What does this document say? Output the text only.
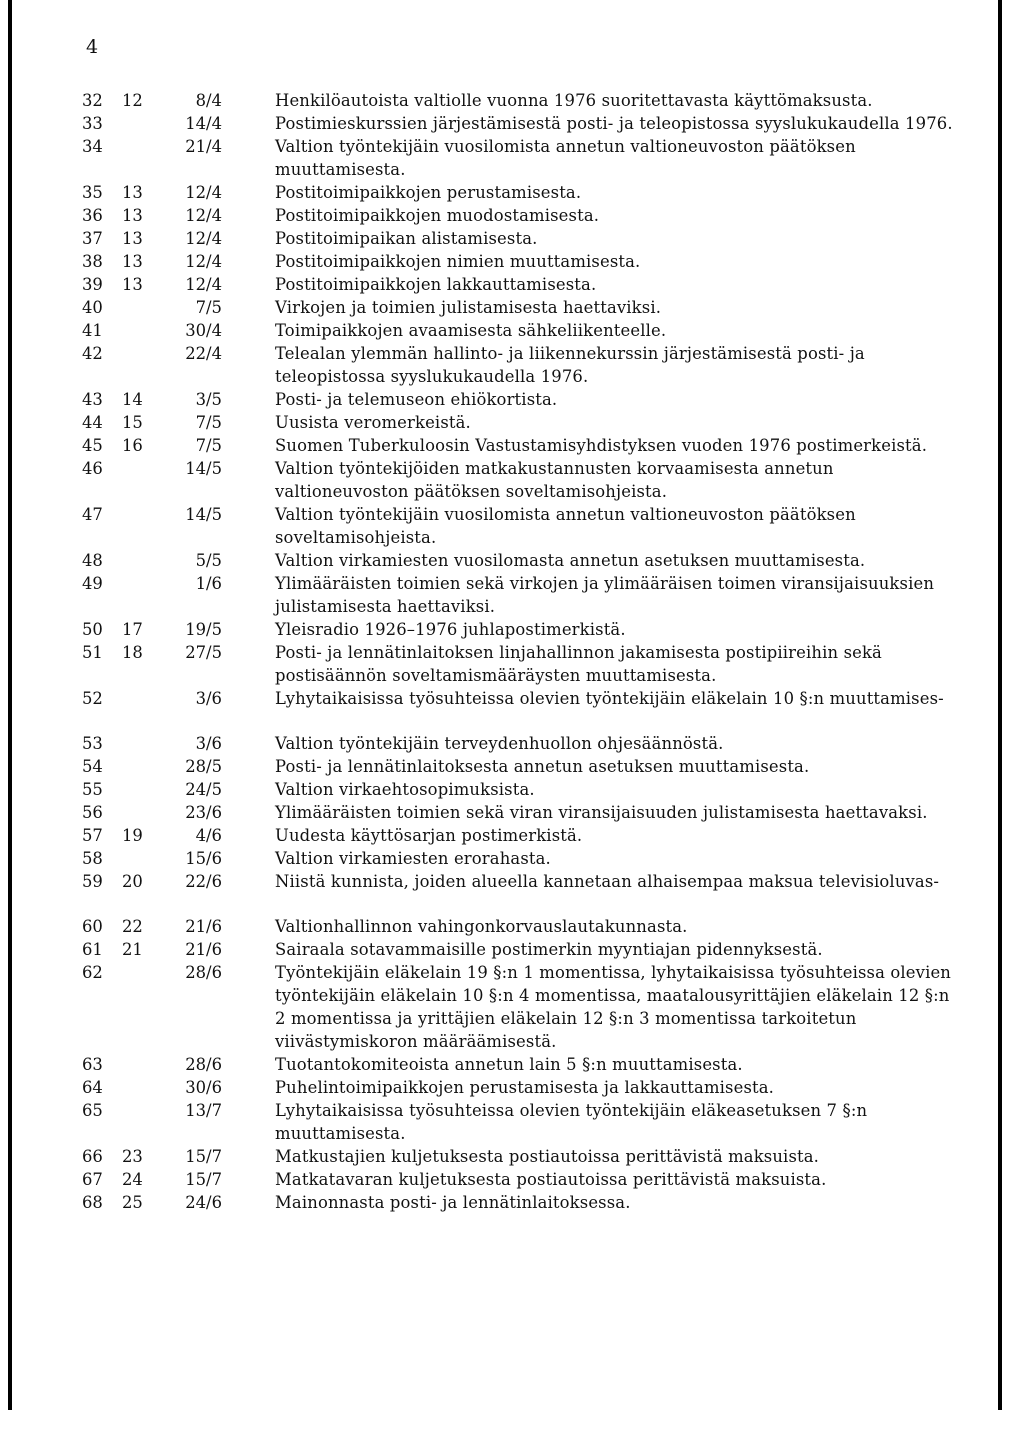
4
32	12	8/4	Henkilöautoista valtiolle vuonna 1976 suoritettavasta käyttömaksusta.
33	14/4	Postimieskurssien järjestämisestä posti- ja teleopistossa syyslukukaudella 1976.
34	21/4	Valtion työntekijäin vuosilomista annetun valtioneuvoston päätöksen muuttamisesta.
35	13	12/4	Postitoimipaikkojen perustamisesta.
36	13	12/4	Postitoimipaikkojen muodostamisesta.
37	13	12/4	Postitoimipaikan alistamisesta.
38	13	12/4	Postitoimipaikkojen nimien muuttamisesta.
39	13	12/4	Postitoimipaikkojen lakkauttamisesta.
40	7/5	Virkojen ja toimien julistamisesta haettaviksi.
41	30/4	Toimipaikkojen avaamisesta sähkeliikenteelle.
42	22/4	Telealan ylemmän hallinto- ja liikennekurssin järjestämisestä posti- ja teleopistossa syyslukukaudella 1976.
43	14	3/5	Posti- ja telemuseon ehiökortista.
44	15	7/5	Uusista veromerkeistä.
45	16	7/5	Suomen Tuberkuloosin Vastustamisyhdistyksen vuoden 1976 postimerkeistä.
46	14/5	Valtion työntekijöiden matkakustannusten korvaamisesta annetun valtioneuvoston päätöksen soveltamisohjeista.
47	14/5	Valtion työntekijäin vuosilomista annetun valtioneuvoston päätöksen soveltamisohjeista.
48	5/5	Valtion virkamiesten vuosilomasta annetun asetuksen muuttamisesta.
49	1/6	Ylimääräisten toimien sekä virkojen ja ylimääräisen toimen viransijaisuuksien julistamisesta haettaviksi.
50	17	19/5	Yleisradio 1926–1976 juhlapostimerkistä.
51	18	27/5	Posti- ja lennätinlaitoksen linjahallinnon jakamisesta postipiireihin sekä postisäännön soveltamismääräysten muuttamisesta.
52	3/6	Lyhytaikaisissa työsuhteissa olevien työntekijäin eläkelain 10 §:n muuttamises-
53	3/6	Valtion työntekijäin terveydenhuollon ohjesäännöstä.
54	28/5	Posti- ja lennätinlaitoksesta annetun asetuksen muuttamisesta.
55	24/5	Valtion virkaehtosopimuksista.
56	23/6	Ylimääräisten toimien sekä viran viransijaisuuden julistamisesta haettavaksi.
57	19	4/6	Uudesta käyttösarjan postimerkistä.
58	15/6	Valtion virkamiesten erorahasta.
59	20	22/6	Niistä kunnista, joiden alueella kannetaan alhaisempaa maksua televisioluvas-
60	22	21/6	Valtionhallinnon vahingonkorvauslautakunnasta.
61	21	21/6	Sairaala sotavammaisille postimerkin myyntiajan pidennyksestä.
62	28/6	Työntekijäin eläkelain 19 §:n 1 momentissa, lyhytaikaisissa työsuhteissa olevien työntekijäin eläkelain 10 §:n 4 momentissa, maatalousyrittäjien eläkelain 12 §:n 2 momentissa ja yrittäjien eläkelain 12 §:n 3 momentissa tarkoitetun viivästymiskoron määräämisestä.
63	28/6	Tuotantokomiteoista annetun lain 5 §:n muuttamisesta.
64	30/6	Puhelintoimipaikkojen perustamisesta ja lakkauttamisesta.
65	13/7	Lyhytaikaisissa työsuhteissa olevien työntekijäin eläkeasetuksen 7 §:n muuttamisesta.
66	23	15/7	Matkustajien kuljetuksesta postiautoissa perittävistä maksuista.
67	24	15/7	Matkatavaran kuljetuksesta postiautoissa perittävistä maksuista.
68	25	24/6	Mainonnasta posti- ja lennätinlaitoksessa.
